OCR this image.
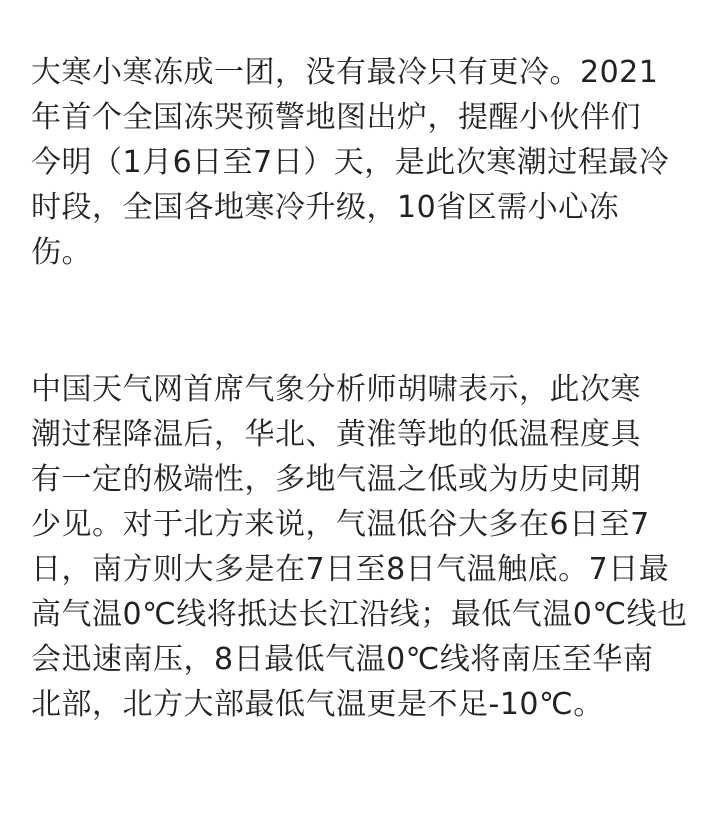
大寒小寒冻成一团，没有最冷只有更冷。2021
年首个全国冻哭预警地图出炉，提醒小伙伴们
今明（1月6日至7日）天，是此次寒潮过程最冷
时段，全国各地寒冷升级，10省区需小心冻
伤。

中国天气网首席气象分析师胡啸表示，此次寒
潮过程降温后，华北、黄淮等地的低温程度具
有一定的极端性，多地气温之低或为历史同期
少见。对于北方来说，气温低谷大多在6日至7
日，南方则大多是在7日至8日气温触底。7日最
高气温0℃线将抵达长江沿线；最低气温0℃线也
会迅速南压，8日最低气温0℃线将南压至华南
北部，北方大部最低气温更是不足-10℃。
